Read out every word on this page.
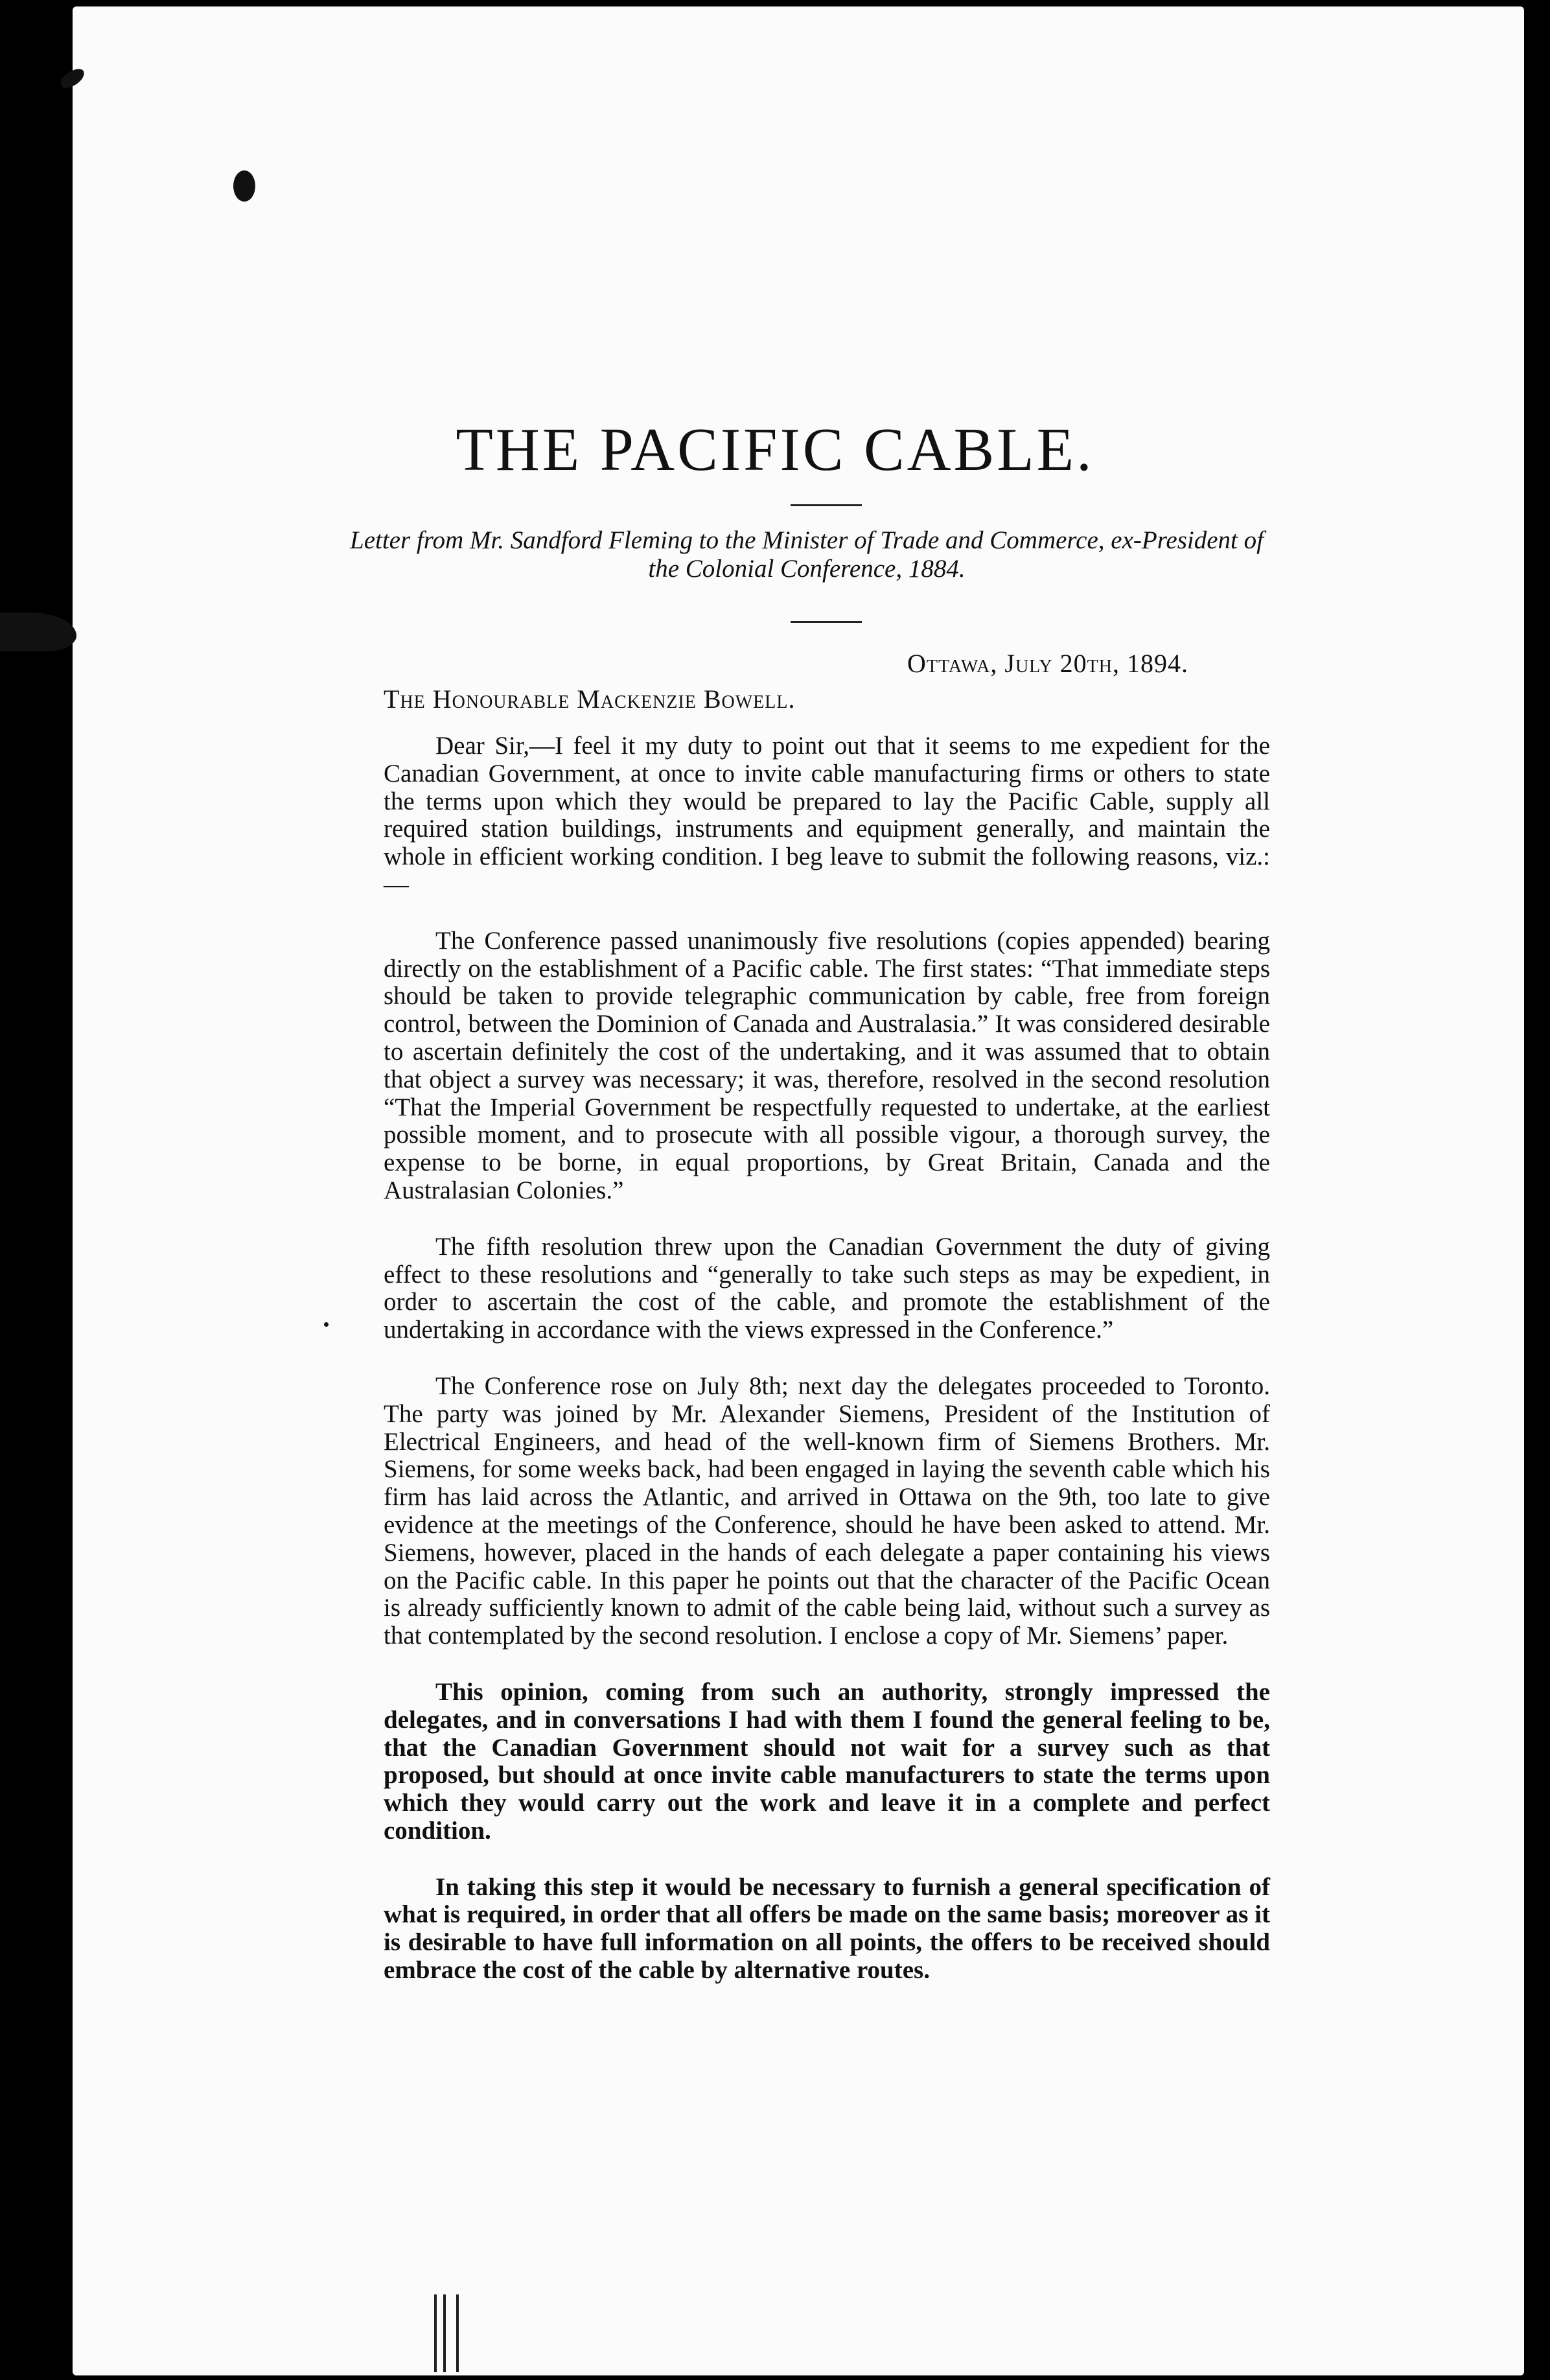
THE PACIFIC CABLE.

Letter from Mr. Sandford Fleming to the Minister of Trade and Commerce, ex-President of the Colonial Conference, 1884.

Ottawa, July 20th, 1894.
The Honourable Mackenzie Bowell.

Dear Sir,—I feel it my duty to point out that it seems to me expedient for the Canadian Government, at once to invite cable manufacturing firms or others to state the terms upon which they would be prepared to lay the Pacific Cable, supply all required station buildings, instruments and equipment generally, and maintain the whole in efficient working condition. I beg leave to submit the following reasons, viz.:—

The Conference passed unanimously five resolutions (copies appended) bearing directly on the establishment of a Pacific cable. The first states: “That immediate steps should be taken to provide telegraphic communication by cable, free from foreign control, between the Dominion of Canada and Australasia.” It was considered desirable to ascertain definitely the cost of the undertaking, and it was assumed that to obtain that object a survey was necessary; it was, therefore, resolved in the second resolution “That the Imperial Government be respectfully requested to undertake, at the earliest possible moment, and to prosecute with all possible vigour, a thorough survey, the expense to be borne, in equal proportions, by Great Britain, Canada and the Australasian Colonies.”

The fifth resolution threw upon the Canadian Government the duty of giving effect to these resolutions and “generally to take such steps as may be expedient, in order to ascertain the cost of the cable, and promote the establishment of the undertaking in accordance with the views expressed in the Conference.”

The Conference rose on July 8th; next day the delegates proceeded to Toronto. The party was joined by Mr. Alexander Siemens, President of the Institution of Electrical Engineers, and head of the well-known firm of Siemens Brothers. Mr. Siemens, for some weeks back, had been engaged in laying the seventh cable which his firm has laid across the Atlantic, and arrived in Ottawa on the 9th, too late to give evidence at the meetings of the Conference, should he have been asked to attend. Mr. Siemens, however, placed in the hands of each delegate a paper containing his views on the Pacific cable. In this paper he points out that the character of the Pacific Ocean is already sufficiently known to admit of the cable being laid, without such a survey as that contemplated by the second resolution. I enclose a copy of Mr. Siemens’ paper.

This opinion, coming from such an authority, strongly impressed the delegates, and in conversations I had with them I found the general feeling to be, that the Canadian Government should not wait for a survey such as that proposed, but should at once invite cable manufacturers to state the terms upon which they would carry out the work and leave it in a complete and perfect condition.

In taking this step it would be necessary to furnish a general specification of what is required, in order that all offers be made on the same basis; moreover as it is desirable to have full information on all points, the offers to be received should embrace the cost of the cable by alternative routes.
